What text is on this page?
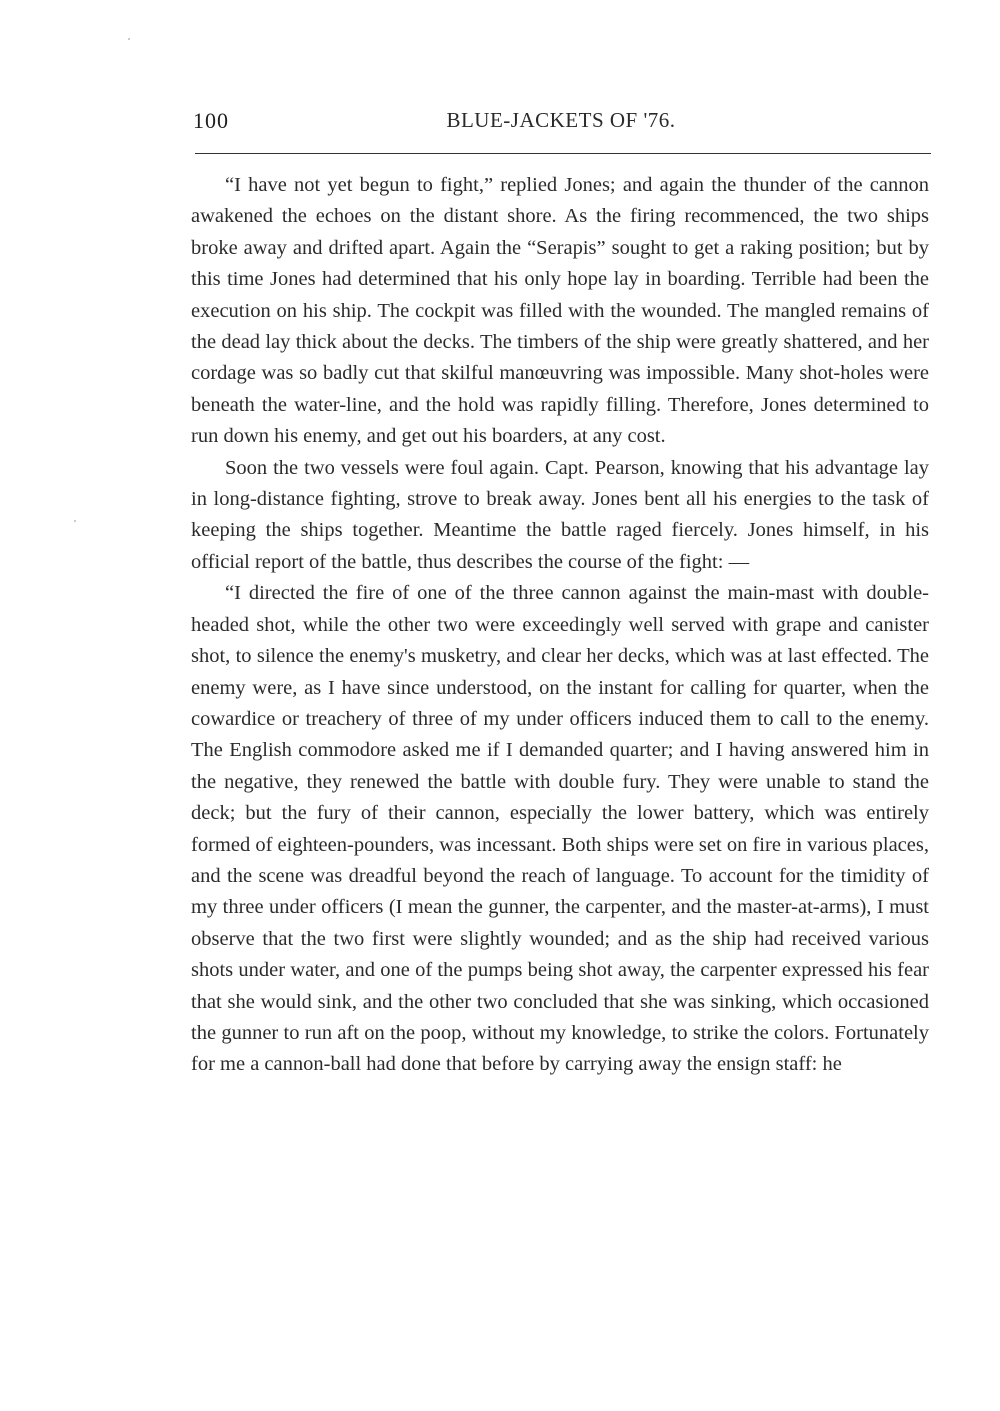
100	BLUE-JACKETS OF '76.

“I have not yet begun to fight,” replied Jones; and again the thunder of the cannon awakened the echoes on the distant shore. As the firing recommenced, the two ships broke away and drifted apart. Again the “Serapis” sought to get a raking position; but by this time Jones had determined that his only hope lay in boarding. Terrible had been the execution on his ship. The cockpit was filled with the wounded. The mangled remains of the dead lay thick about the decks. The timbers of the ship were greatly shattered, and her cordage was so badly cut that skilful manœuvring was impossible. Many shot-holes were beneath the water-line, and the hold was rapidly filling. Therefore, Jones determined to run down his enemy, and get out his boarders, at any cost.

Soon the two vessels were foul again. Capt. Pearson, knowing that his advantage lay in long-distance fighting, strove to break away. Jones bent all his energies to the task of keeping the ships together. Meantime the battle raged fiercely. Jones himself, in his official report of the battle, thus describes the course of the fight: —

“I directed the fire of one of the three cannon against the main-mast with double-headed shot, while the other two were exceedingly well served with grape and canister shot, to silence the enemy's musketry, and clear her decks, which was at last effected. The enemy were, as I have since understood, on the instant for calling for quarter, when the cowardice or treachery of three of my under officers induced them to call to the enemy. The English commodore asked me if I demanded quarter; and I having answered him in the negative, they renewed the battle with double fury. They were unable to stand the deck; but the fury of their cannon, especially the lower battery, which was entirely formed of eighteen-pounders, was incessant. Both ships were set on fire in various places, and the scene was dreadful beyond the reach of language. To account for the timidity of my three under officers (I mean the gunner, the carpenter, and the master-at-arms), I must observe that the two first were slightly wounded; and as the ship had received various shots under water, and one of the pumps being shot away, the carpenter expressed his fear that she would sink, and the other two concluded that she was sinking, which occasioned the gunner to run aft on the poop, without my knowledge, to strike the colors. Fortunately for me a cannon-ball had done that before by carrying away the ensign staff: he
